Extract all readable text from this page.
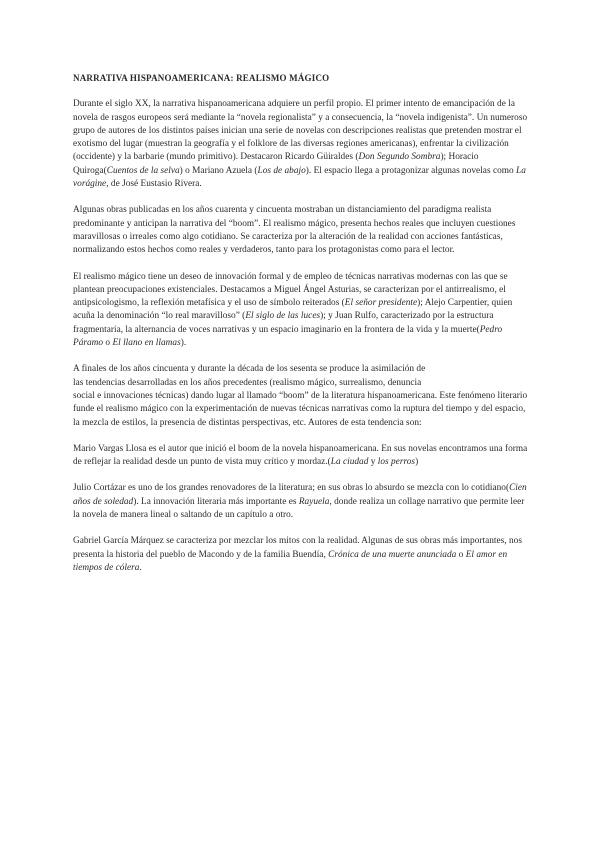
NARRATIVA HISPANOAMERICANA: REALISMO MÁGICO

Durante el siglo XX, la narrativa hispanoamericana adquiere un perfil propio. El primer intento de emancipación de la novela de rasgos europeos será mediante la “novela regionalista” y a consecuencia, la “novela indigenista”. Un numeroso grupo de autores de los distintos países inician una serie de novelas con descripciones realistas que pretenden mostrar el exotismo del lugar (muestran la geografía y el folklore de las diversas regiones americanas), enfrentar la civilización (occidente) y la barbarie (mundo primitivo). Destacaron Ricardo Güiraldes (Don Segundo Sombra); Horacio Quiroga(Cuentos de la selva) o Mariano Azuela (Los de abajo). El espacio llega a protagonizar algunas novelas como La vorágine, de José Eustasio Rivera.

Algunas obras publicadas en los años cuarenta y cincuenta mostraban un distanciamiento del paradigma realista predominante y anticipan la narrativa del “boom”. El realismo mágico, presenta hechos reales que incluyen cuestiones maravillosas o irreales como algo cotidiano. Se caracteriza por la alteración de la realidad con acciones fantásticas, normalizando estos hechos como reales y verdaderos, tanto para los protagonistas como para el lector.

El realismo mágico tiene un deseo de innovación formal y de empleo de técnicas narrativas modernas con las que se plantean preocupaciones existenciales. Destacamos a Miguel Ángel Asturias, se caracterizan por el antirrealismo, el antipsicologismo, la reflexión metafísica y el uso de símbolo reiterados (El señor presidente); Alejo Carpentier, quien acuña la denominación “lo real maravilloso” (El siglo de las luces); y Juan Rulfo, caracterizado por la estructura fragmentaria, la alternancia de voces narrativas y un espacio imaginario en la frontera de la vida y la muerte(Pedro Páramo o El llano en llamas).

A finales de los años cincuenta y durante la década de los sesenta se produce la asimilación de
las tendencias desarrolladas en los años precedentes (realismo mágico, surrealismo, denuncia
social e innovaciones técnicas) dando lugar al llamado “boom” de la literatura hispanoamericana. Este fenómeno literario funde el realismo mágico con la experimentación de nuevas técnicas narrativas como la ruptura del tiempo y del espacio, la mezcla de estilos, la presencia de distintas perspectivas, etc. Autores de esta tendencia son:

Mario Vargas Llosa es el autor que inició el boom de la novela hispanoamericana. En sus novelas encontramos una forma de reflejar la realidad desde un punto de vista muy crítico y mordaz.(La ciudad y los perros)

Julio Cortázar es uno de los grandes renovadores de la literatura; en sus obras lo absurdo se mezcla con lo cotidiano(Cien años de soledad). La innovación literaria más importante es Rayuela, donde realiza un collage narrativo que permite leer la novela de manera lineal o saltando de un capítulo a otro.

Gabriel García Márquez se caracteriza por mezclar los mitos con la realidad. Algunas de sus obras más importantes, nos presenta la historia del pueblo de Macondo y de la familia Buendía, Crónica de una muerte anunciada o El amor en tiempos de cólera.
